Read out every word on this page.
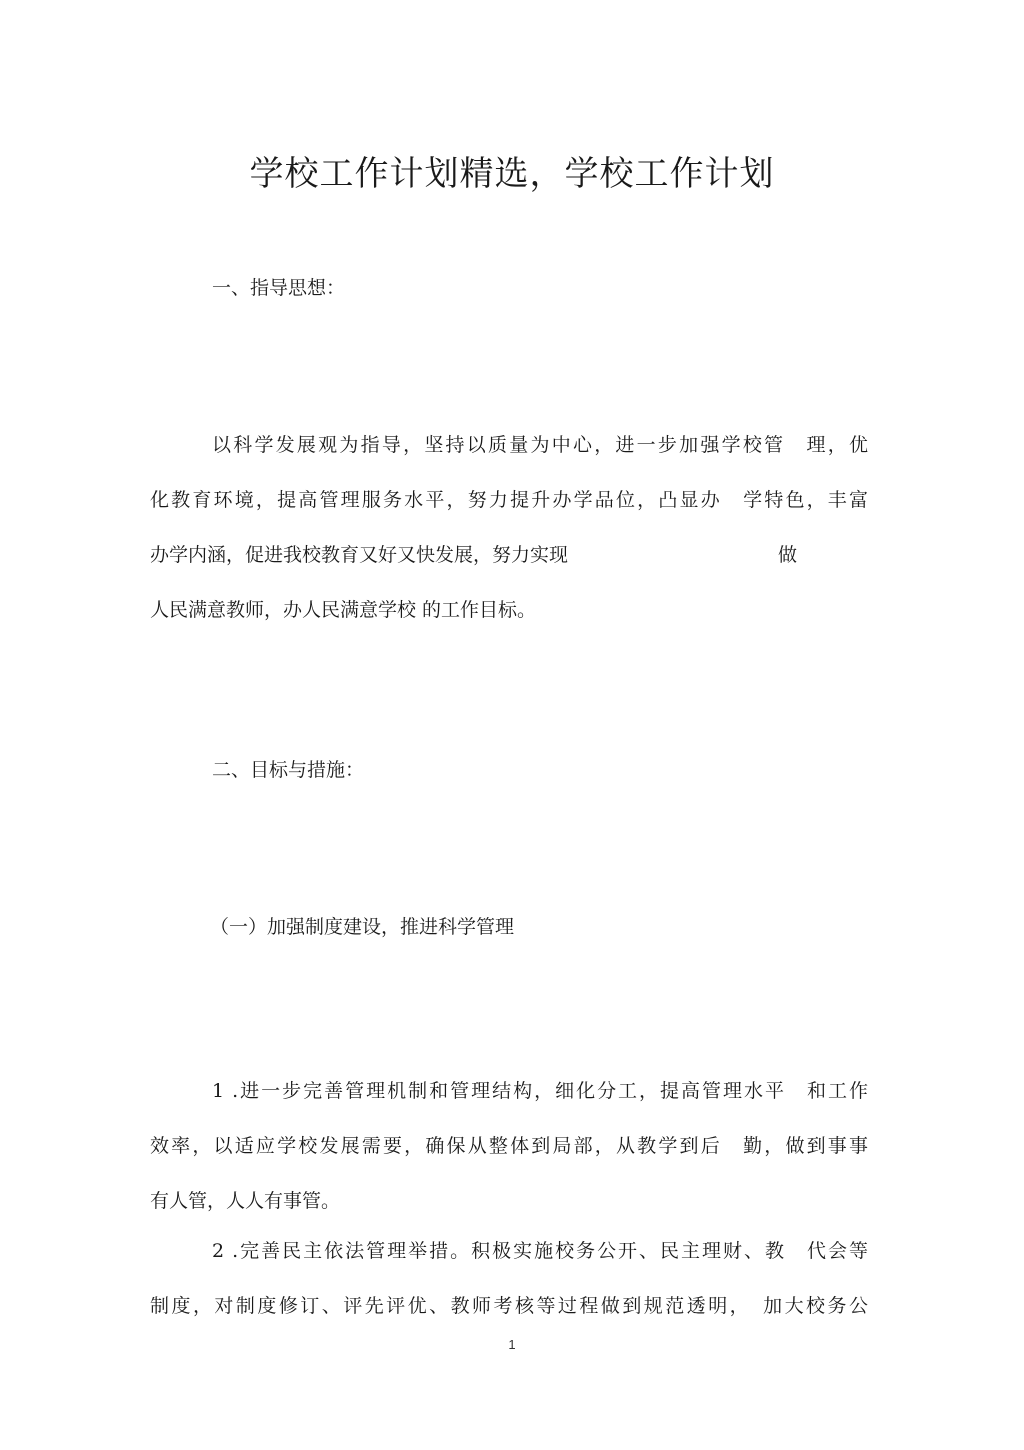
学校工作计划精选，学校工作计划
一、指导思想：
以科学发展观为指导，坚持以质量为中心，进一步加强学校管　理，优
化教育环境，提高管理服务水平，努力提升办学品位，凸显办　学特色，丰富
办学内涵，促进我校教育又好又快发展，努力实现	做
人民满意教师，办人民满意学校 的工作目标。
二、目标与措施：
（一）加强制度建设，推进科学管理
1 .进一步完善管理机制和管理结构，细化分工，提高管理水平　和工作
效率，以适应学校发展需要，确保从整体到局部，从教学到后　勤，做到事事
有人管，人人有事管。
2 .完善民主依法管理举措。积极实施校务公开、民主理财、教　代会等
制度，对制度修订、评先评优、教师考核等过程做到规范透明，　加大校务公
1
